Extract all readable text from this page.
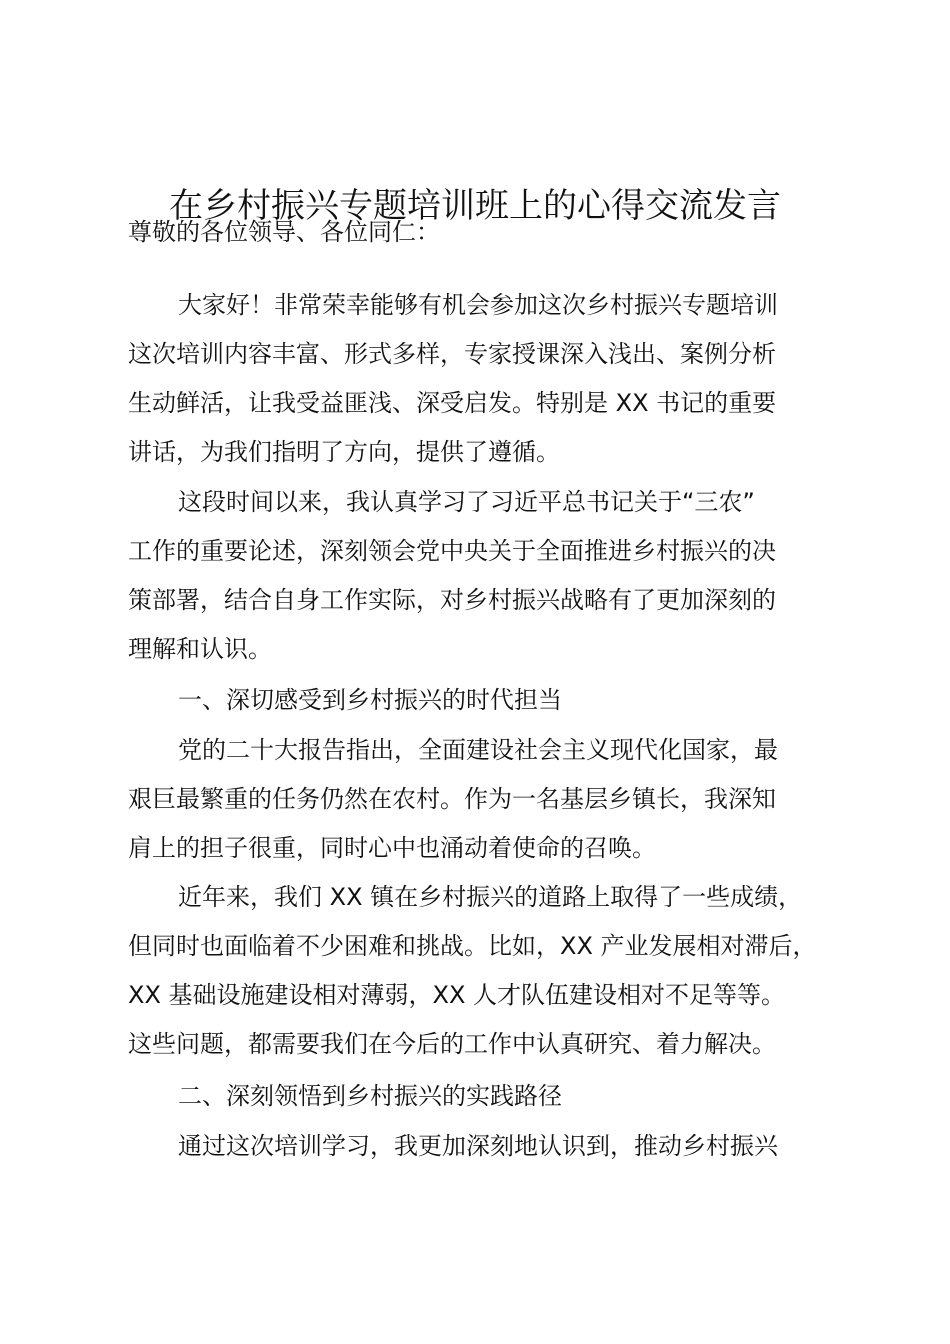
在乡村振兴专题培训班上的心得交流发言
尊敬的各位领导、各位同仁：
大家好！非常荣幸能够有机会参加这次乡村振兴专题培训
这次培训内容丰富、形式多样，专家授课深入浅出、案例分析
生动鲜活，让我受益匪浅、深受启发。特别是 XX 书记的重要
讲话，为我们指明了方向，提供了遵循。
这段时间以来，我认真学习了习近平总书记关于“三农”
工作的重要论述，深刻领会党中央关于全面推进乡村振兴的决
策部署，结合自身工作实际，对乡村振兴战略有了更加深刻的
理解和认识。
一、深切感受到乡村振兴的时代担当
党的二十大报告指出，全面建设社会主义现代化国家，最
艰巨最繁重的任务仍然在农村。作为一名基层乡镇长，我深知
肩上的担子很重，同时心中也涌动着使命的召唤。
近年来，我们 XX 镇在乡村振兴的道路上取得了一些成绩，
但同时也面临着不少困难和挑战。比如，XX 产业发展相对滞后，
XX 基础设施建设相对薄弱，XX 人才队伍建设相对不足等等。
这些问题，都需要我们在今后的工作中认真研究、着力解决。
二、深刻领悟到乡村振兴的实践路径
通过这次培训学习，我更加深刻地认识到，推动乡村振兴
